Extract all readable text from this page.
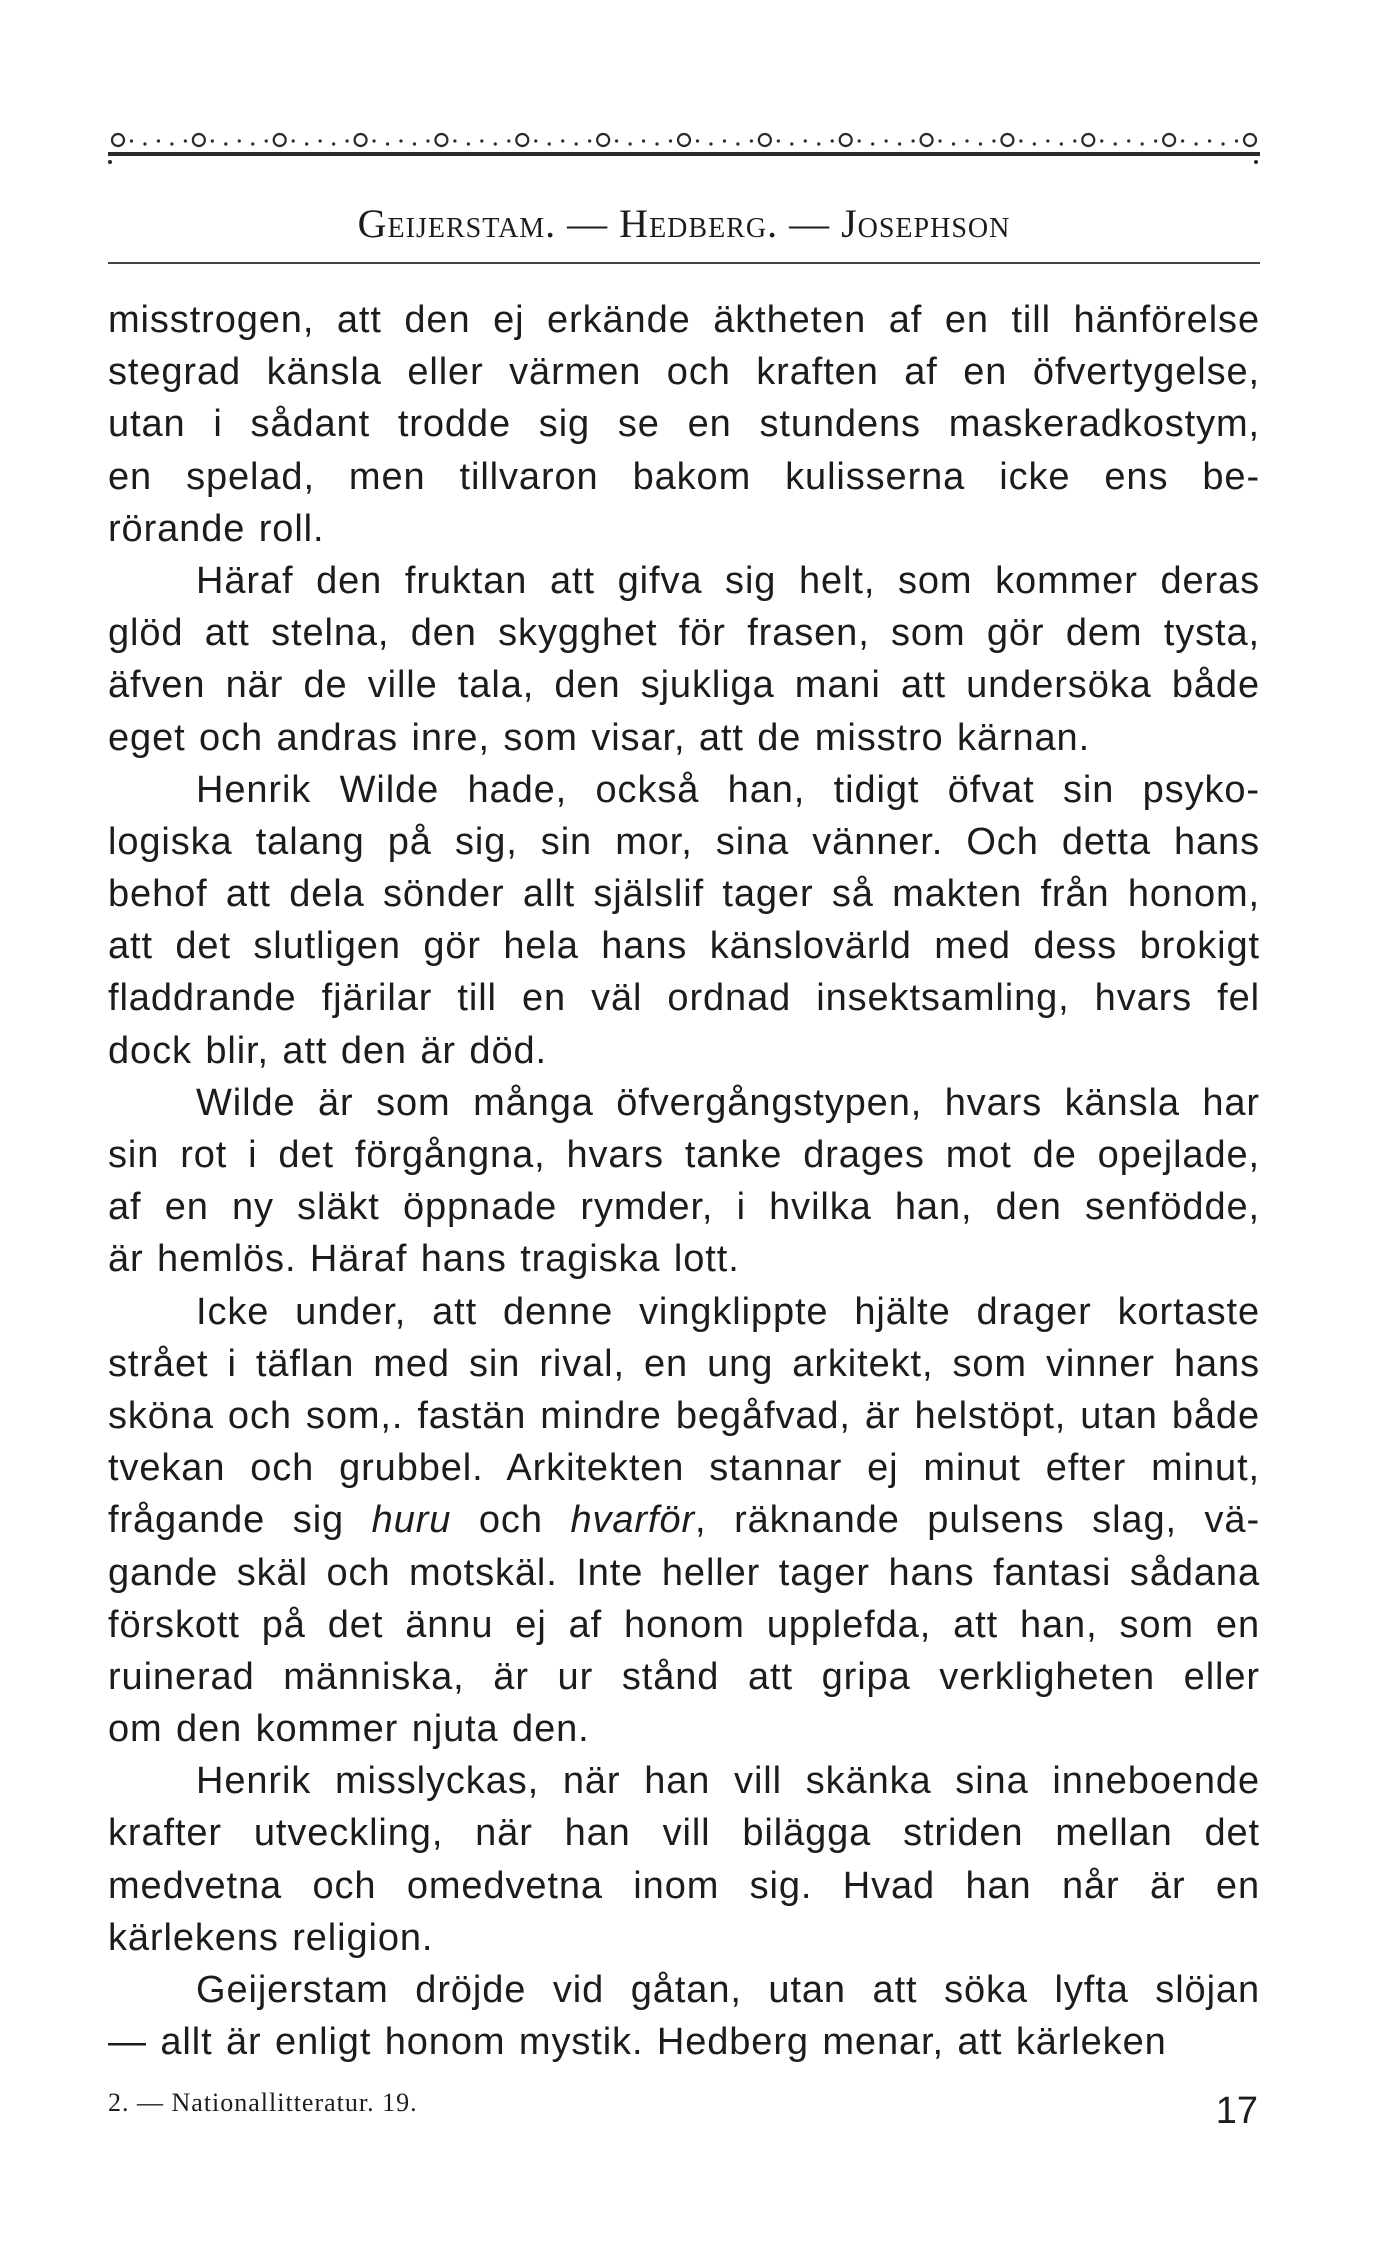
Geijerstam. — Hedberg. — Josephson
misstrogen, att den ej erkände äktheten af en till hänförelse
stegrad känsla eller värmen och kraften af en öfvertygelse,
utan i sådant trodde sig se en stundens maskeradkostym,
en spelad, men tillvaron bakom kulisserna icke ens be-
rörande roll.
Häraf den fruktan att gifva sig helt, som kommer deras
glöd att stelna, den skygghet för frasen, som gör dem tysta,
äfven när de ville tala, den sjukliga mani att undersöka både
eget och andras inre, som visar, att de misstro kärnan.
Henrik Wilde hade, också han, tidigt öfvat sin psyko-
logiska talang på sig, sin mor, sina vänner. Och detta hans
behof att dela sönder allt själslif tager så makten från honom,
att det slutligen gör hela hans känslovärld med dess brokigt
fladdrande fjärilar till en väl ordnad insektsamling, hvars fel
dock blir, att den är död.
Wilde är som många öfvergångstypen, hvars känsla har
sin rot i det förgångna, hvars tanke drages mot de opejlade,
af en ny släkt öppnade rymder, i hvilka han, den senfödde,
är hemlös. Häraf hans tragiska lott.
Icke under, att denne vingklippte hjälte drager kortaste
strået i täflan med sin rival, en ung arkitekt, som vinner hans
sköna och som,. fastän mindre begåfvad, är helstöpt, utan både
tvekan och grubbel. Arkitekten stannar ej minut efter minut,
frågande sig huru och hvarför, räknande pulsens slag, vä-
gande skäl och motskäl. Inte heller tager hans fantasi sådana
förskott på det ännu ej af honom upplefda, att han, som en
ruinerad människa, är ur stånd att gripa verkligheten eller
om den kommer njuta den.
Henrik misslyckas, när han vill skänka sina inneboende
krafter utveckling, när han vill bilägga striden mellan det
medvetna och omedvetna inom sig. Hvad han når är en
kärlekens religion.
Geijerstam dröjde vid gåtan, utan att söka lyfta slöjan
— allt är enligt honom mystik. Hedberg menar, att kärleken
2. — Nationallitteratur. 19.	17
